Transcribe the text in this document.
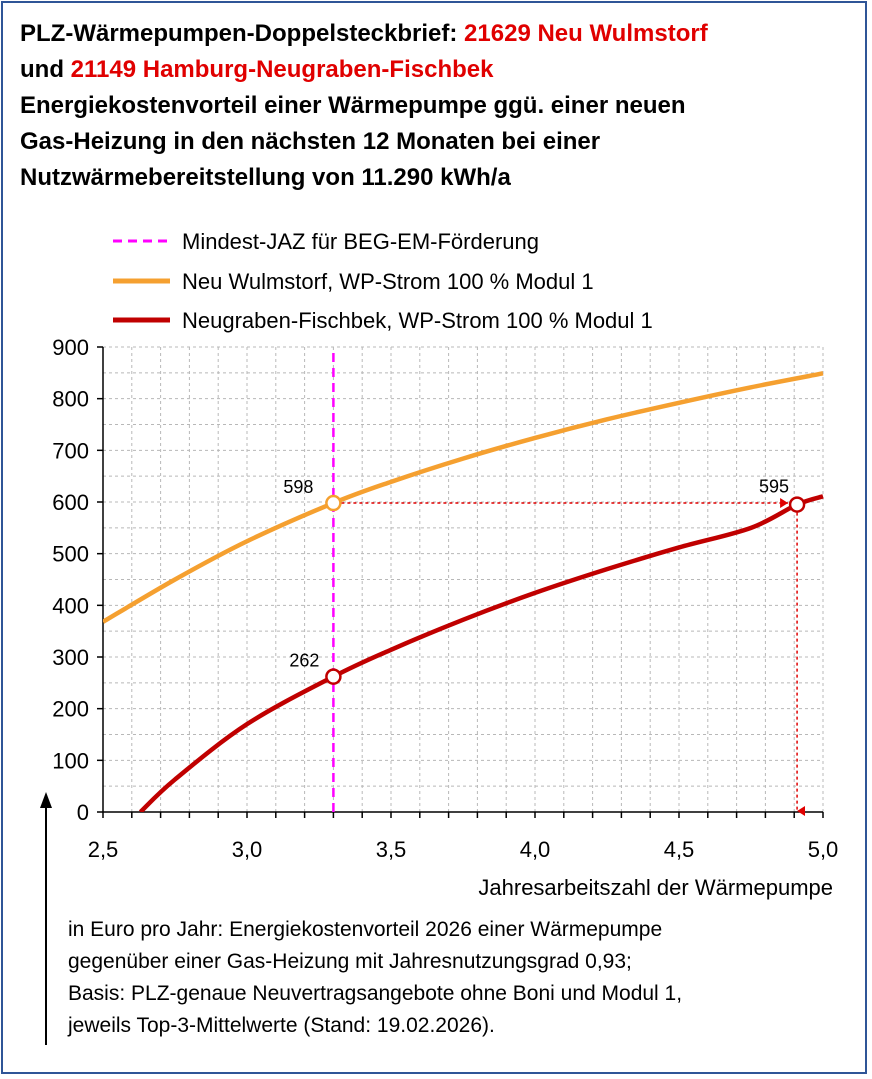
PLZ-Wärmepumpen-Doppelsteckbrief: 21629 Neu Wulmstorf
und 21149 Hamburg-Neugraben-Fischbek
Energiekostenvorteil einer Wärmepumpe ggü. einer neuen
Gas-Heizung in den nächsten 12 Monaten bei einer
Nutzwärmebereitstellung von 11.290 kWh/a
0
100
200
300
400
500
600
700
800
900
2,5	3,0	3,5	4,0	4,5	5,0
598
262
595
Mindest-JAZ für BEG-EM-Förderung
Neu Wulmstorf, WP-Strom 100 % Modul 1
Neugraben-Fischbek, WP-Strom 100 % Modul 1
Jahresarbeitszahl der Wärmepumpe
in Euro pro Jahr: Energiekostenvorteil 2026 einer Wärmepumpe
gegenüber einer Gas-Heizung mit Jahresnutzungsgrad 0,93;
Basis: PLZ-genaue Neuvertragsangebote ohne Boni und Modul 1,
jeweils Top-3-Mittelwerte (Stand: 19.02.2026).
